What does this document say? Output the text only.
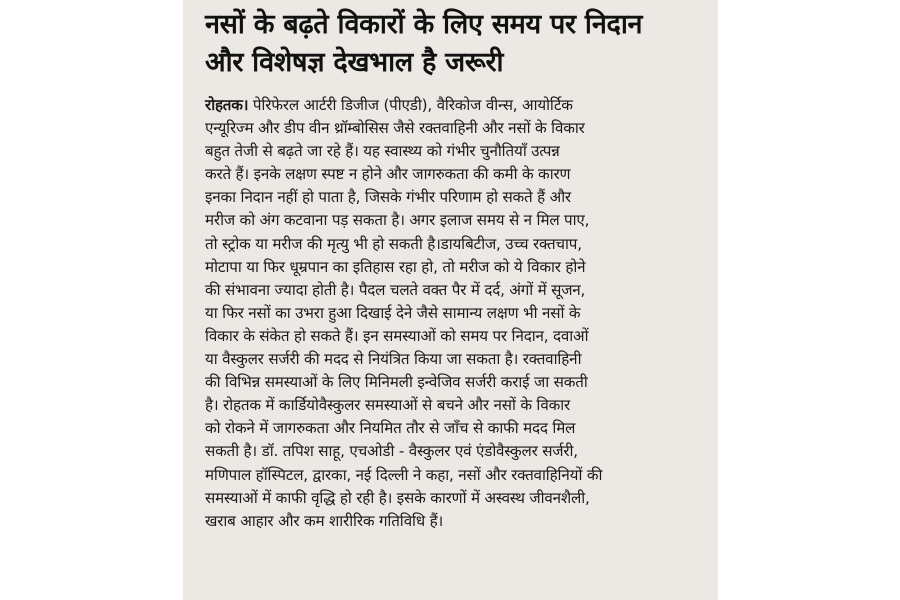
नसों के बढ़ते विकारों के लिए समय पर निदान
और विशेषज्ञ देखभाल है जरूरी
रोहतक। पेरिफेरल आर्टरी डिजीज (पीएडी), वैरिकोज वीन्स, आयोर्टिक
एन्यूरिज्म और डीप वीन थ्रॉम्बोसिस जैसे रक्तवाहिनी और नसों के विकार
बहुत तेजी से बढ़ते जा रहे हैं। यह स्वास्थ्य को गंभीर चुनौतियाँ उत्पन्न
करते हैं। इनके लक्षण स्पष्ट न होने और जागरुकता की कमी के कारण
इनका निदान नहीं हो पाता है, जिसके गंभीर परिणाम हो सकते हैं और
मरीज को अंग कटवाना पड़ सकता है। अगर इलाज समय से न मिल पाए,
तो स्ट्रोक या मरीज की मृत्यु भी हो सकती है।डायबिटीज, उच्च रक्तचाप,
मोटापा या फिर धूम्रपान का इतिहास रहा हो, तो मरीज को ये विकार होने
की संभावना ज्यादा होती है। पैदल चलते वक्त पैर में दर्द, अंगों में सूजन,
या फिर नसों का उभरा हुआ दिखाई देने जैसे सामान्य लक्षण भी नसों के
विकार के संकेत हो सकते हैं। इन समस्याओं को समय पर निदान, दवाओं
या वैस्कुलर सर्जरी की मदद से नियंत्रित किया जा सकता है। रक्तवाहिनी
की विभिन्न समस्याओं के लिए मिनिमली इन्वेजिव सर्जरी कराई जा सकती
है। रोहतक में कार्डियोवैस्कुलर समस्याओं से बचने और नसों के विकार
को रोकने में जागरुकता और नियमित तौर से जाँच से काफी मदद मिल
सकती है। डॉ. तपिश साहू, एचओडी - वैस्कुलर एवं एंडोवैस्कुलर सर्जरी,
मणिपाल हॉस्पिटल, द्वारका, नई दिल्ली ने कहा, नसों और रक्तवाहिनियों की
समस्याओं में काफी वृद्धि हो रही है। इसके कारणों में अस्वस्थ जीवनशैली,
खराब आहार और कम शारीरिक गतिविधि हैं।
